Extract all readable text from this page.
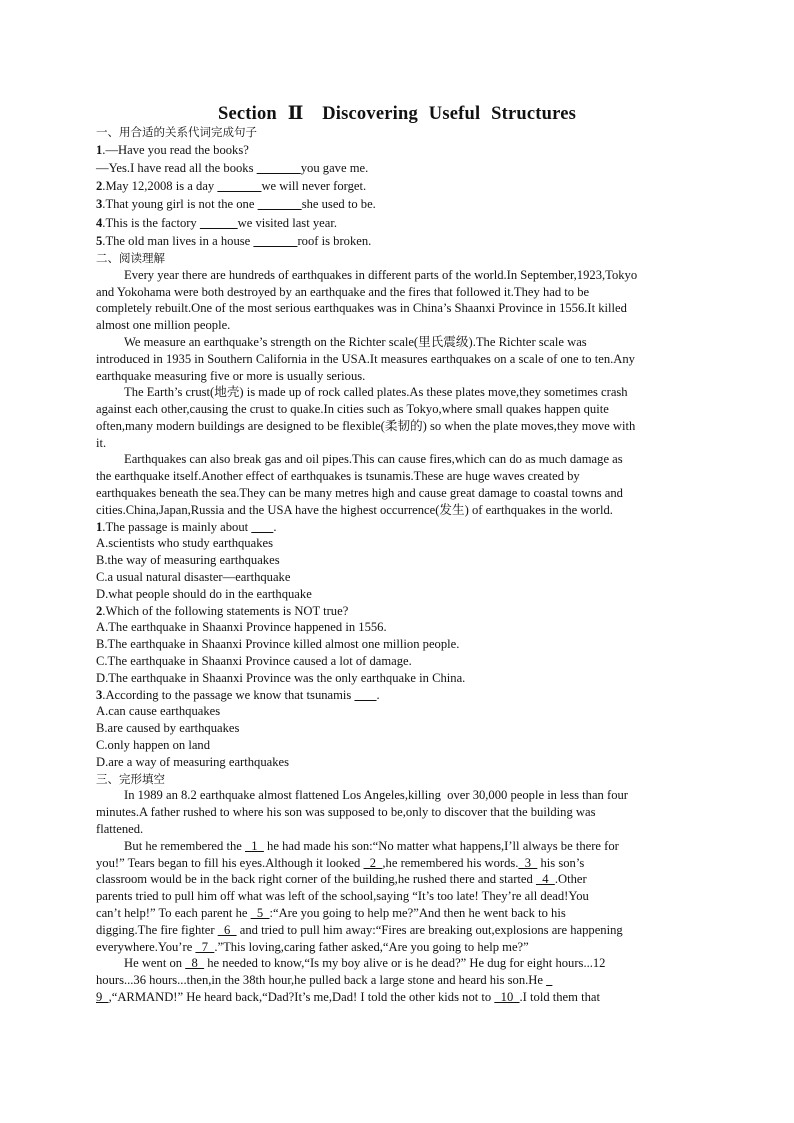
Section Ⅱ　Discovering Useful Structures
一、用合适的关系代词完成句子
1.—Have you read the books?
—Yes.I have read all the books	you gave me.
2.May 12,2008 is a day	we will never forget.
3.That young girl is not the one	she used to be.
4.This is the factory	we visited last year.
5.The old man lives in a house	roof is broken.
二、阅读理解
Every year there are hundreds of earthquakes in different parts of the world.In September,1923,Tokyo
and Yokohama were both destroyed by an earthquake and the fires that followed it.They had to be
completely rebuilt.One of the most serious earthquakes was in China’s Shaanxi Province in 1556.It killed
almost one million people.
We measure an earthquake’s strength on the Richter scale(里氏震级).The Richter scale was
introduced in 1935 in Southern California in the USA.It measures earthquakes on a scale of one to ten.Any
earthquake measuring five or more is usually serious.
The Earth’s crust(地壳) is made up of rock called plates.As these plates move,they sometimes crash
against each other,causing the crust to quake.In cities such as Tokyo,where small quakes happen quite
often,many modern buildings are designed to be flexible(柔韧的) so when the plate moves,they move with
it.
Earthquakes can also break gas and oil pipes.This can cause fires,which can do as much damage as
the earthquake itself.Another effect of earthquakes is tsunamis.These are huge waves created by
earthquakes beneath the sea.They can be many metres high and cause great damage to coastal towns and
cities.China,Japan,Russia and the USA have the highest occurrence(发生) of earthquakes in the world.
1.The passage is mainly about        .
A.scientists who study earthquakes
B.the way of measuring earthquakes
C.a usual natural disaster—earthquake
D.what people should do in the earthquake
2.Which of the following statements is NOT true?
A.The earthquake in Shaanxi Province happened in 1556.
B.The earthquake in Shaanxi Province killed almost one million people.
C.The earthquake in Shaanxi Province caused a lot of damage.
D.The earthquake in Shaanxi Province was the only earthquake in China.
3.According to the passage we know that tsunamis        .
A.can cause earthquakes
B.are caused by earthquakes
C.only happen on land
D.are a way of measuring earthquakes
三、完形填空
In 1989 an 8.2 earthquake almost flattened Los Angeles,killing  over 30,000 people in less than four
minutes.A father rushed to where his son was supposed to be,only to discover that the building was
flattened.
But he remembered the   1   he had made his son:“No matter what happens,I’ll always be there for
you!” Tears began to fill his eyes.Although it looked   2  ,he remembered his words.  3   his son’s
classroom would be in the back right corner of the building,he rushed there and started   4  .Other
parents tried to pull him off what was left of the school,saying “It’s too late! They’re all dead!You
can’t help!” To each parent he   5  :“Are you going to help me?”And then he went back to his
digging.The fire fighter   6   and tried to pull him away:“Fires are breaking out,explosions are happening
everywhere.You’re   7  .”This loving,caring father asked,“Are you going to help me?”
He went on   8   he needed to know,“Is my boy alive or is he dead?” He dug for eight hours...12
hours...36 hours...then,in the 38th hour,he pulled back a large stone and heard his son.He
9  ,“ARMAND!” He heard back,“Dad?It’s me,Dad! I told the other kids not to   10  .I told them that
